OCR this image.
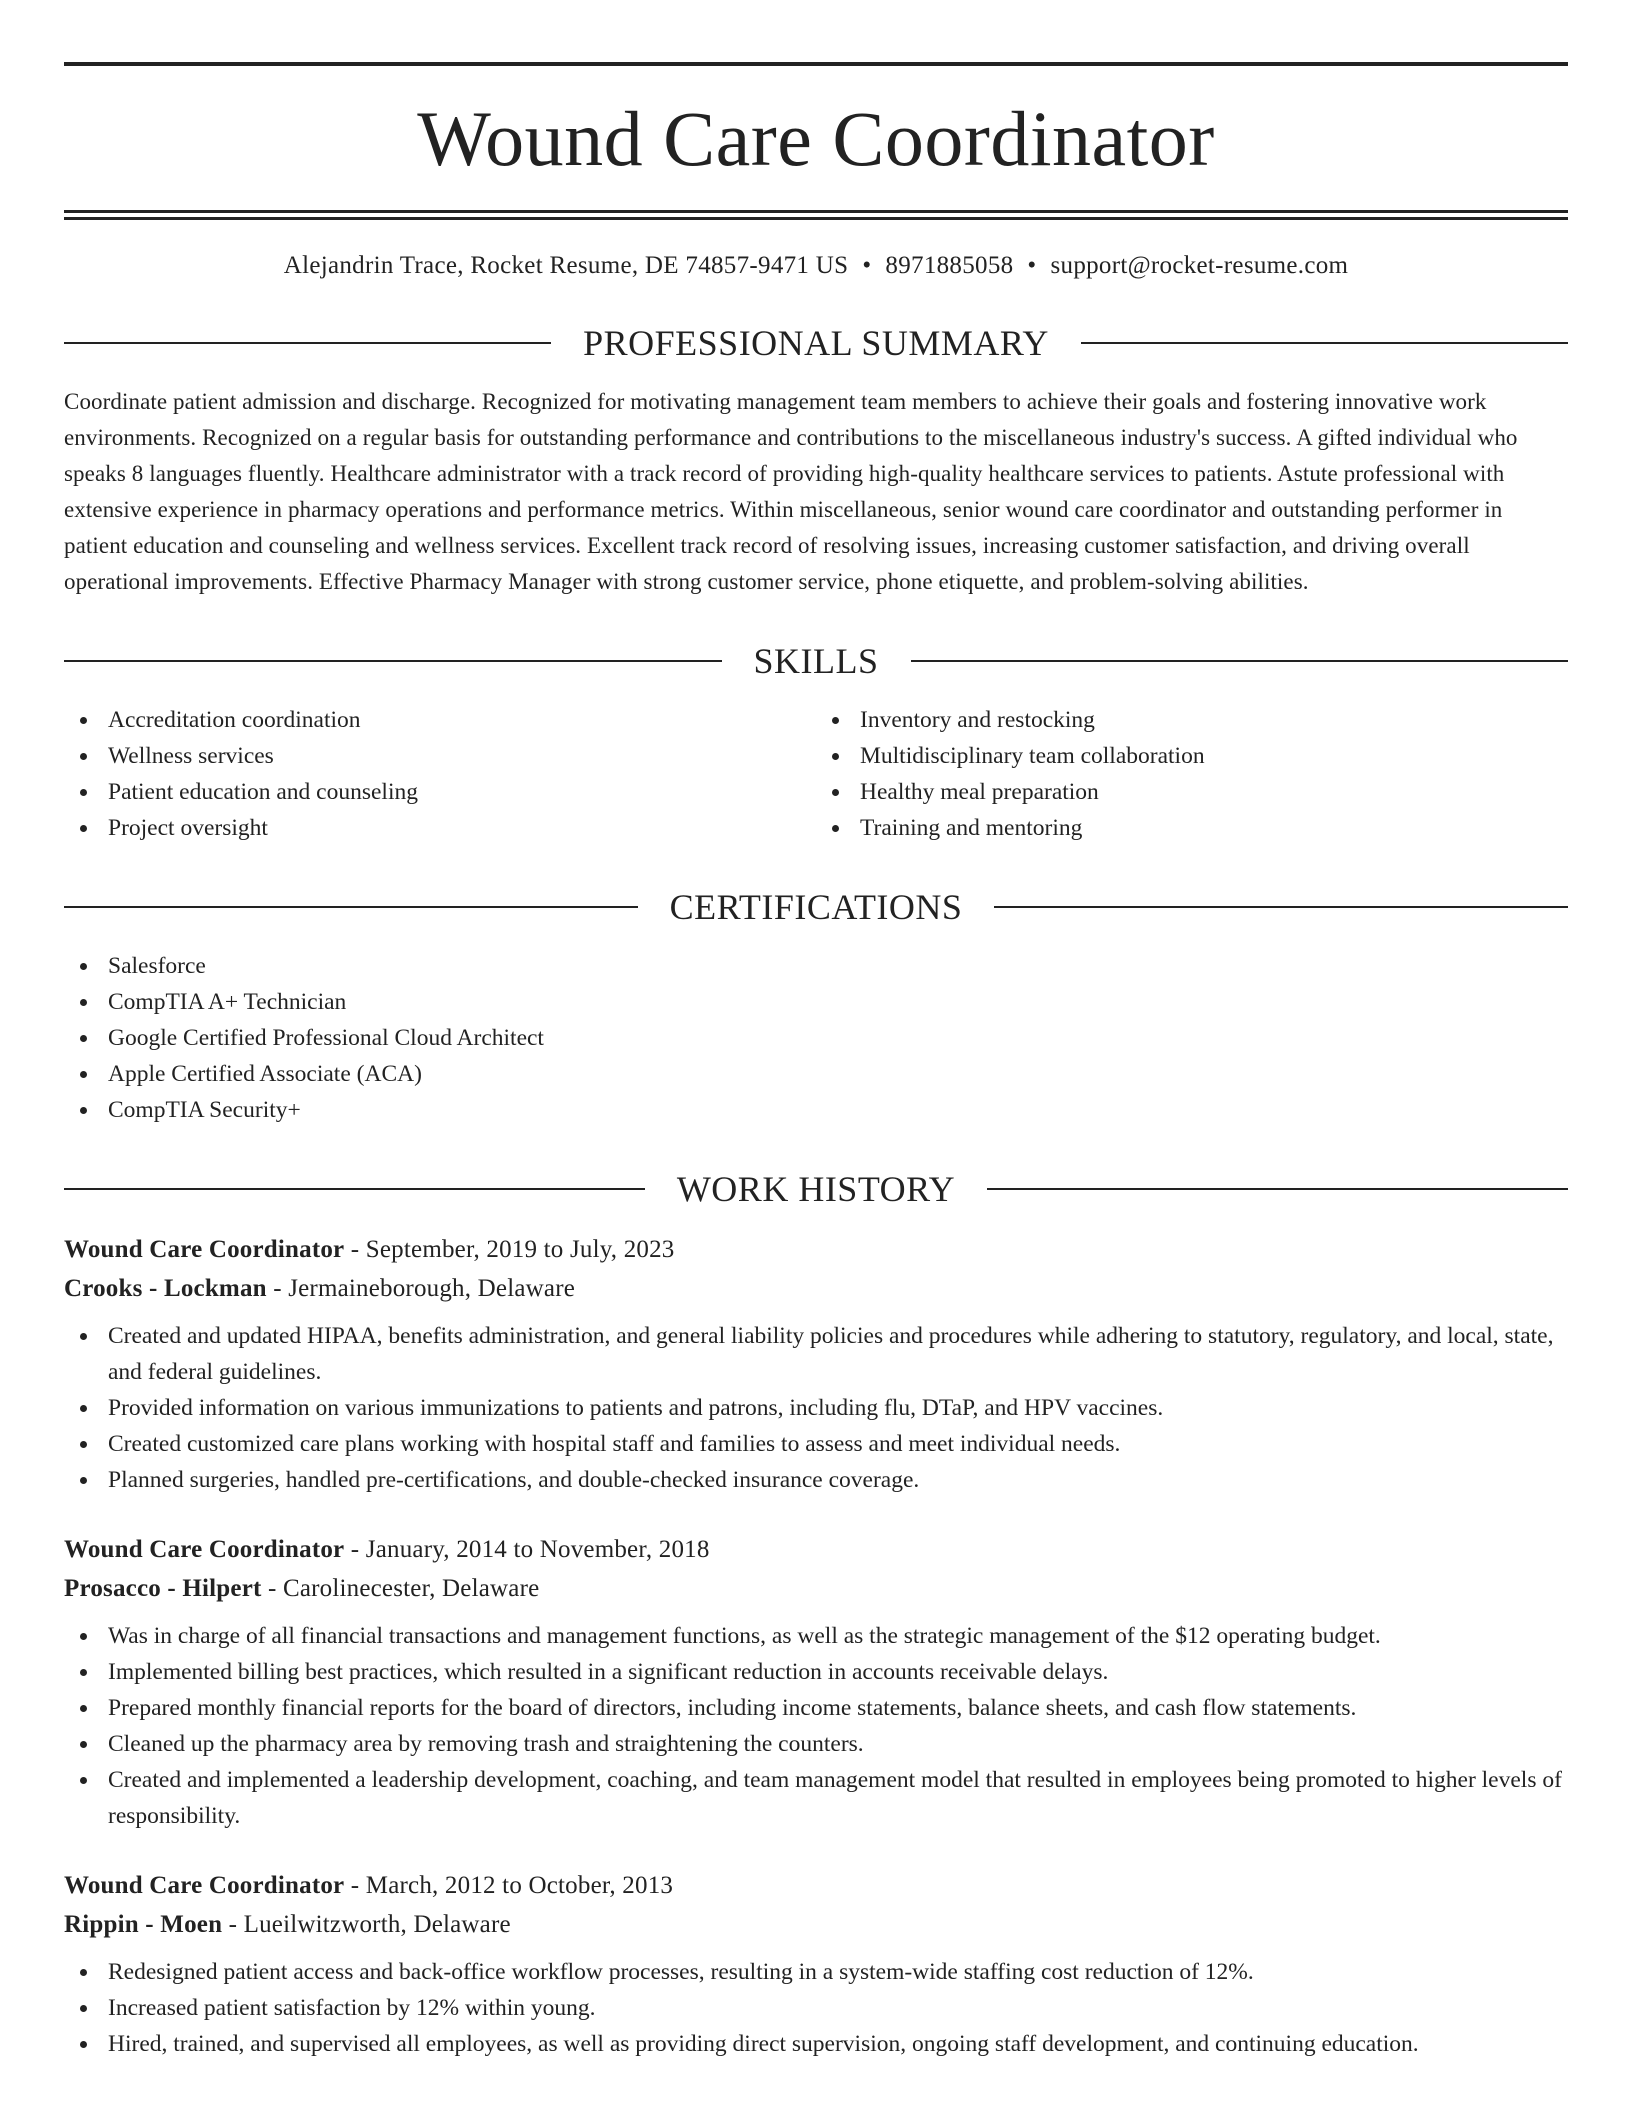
Wound Care Coordinator
Alejandrin Trace, Rocket Resume, DE 74857-9471 US • 8971885058 • support@rocket-resume.com
PROFESSIONAL SUMMARY

Coordinate patient admission and discharge. Recognized for motivating management team members to achieve their goals and fostering innovative work environments. Recognized on a regular basis for outstanding performance and contributions to the miscellaneous industry's success. A gifted individual who speaks 8 languages fluently. Healthcare administrator with a track record of providing high-quality healthcare services to patients. Astute professional with extensive experience in pharmacy operations and performance metrics. Within miscellaneous, senior wound care coordinator and outstanding performer in patient education and counseling and wellness services. Excellent track record of resolving issues, increasing customer satisfaction, and driving overall operational improvements. Effective Pharmacy Manager with strong customer service, phone etiquette, and problem-solving abilities.

SKILLS
Accreditation coordination
Wellness services
Patient education and counseling
Project oversight
Inventory and restocking
Multidisciplinary team collaboration
Healthy meal preparation
Training and mentoring
CERTIFICATIONS
Salesforce
CompTIA A+ Technician
Google Certified Professional Cloud Architect
Apple Certified Associate (ACA)
CompTIA Security+
WORK HISTORY
Wound Care Coordinator - September, 2019 to July, 2023
Crooks - Lockman - Jermaineborough, Delaware
Created and updated HIPAA, benefits administration, and general liability policies and procedures while adhering to statutory, regulatory, and local, state, and federal guidelines.
Provided information on various immunizations to patients and patrons, including flu, DTaP, and HPV vaccines.
Created customized care plans working with hospital staff and families to assess and meet individual needs.
Planned surgeries, handled pre-certifications, and double-checked insurance coverage.
Wound Care Coordinator - January, 2014 to November, 2018
Prosacco - Hilpert - Carolinecester, Delaware
Was in charge of all financial transactions and management functions, as well as the strategic management of the $12 operating budget.
Implemented billing best practices, which resulted in a significant reduction in accounts receivable delays.
Prepared monthly financial reports for the board of directors, including income statements, balance sheets, and cash flow statements.
Cleaned up the pharmacy area by removing trash and straightening the counters.
Created and implemented a leadership development, coaching, and team management model that resulted in employees being promoted to higher levels of responsibility.
Wound Care Coordinator - March, 2012 to October, 2013
Rippin - Moen - Lueilwitzworth, Delaware
Redesigned patient access and back-office workflow processes, resulting in a system-wide staffing cost reduction of 12%.
Increased patient satisfaction by 12% within young.
Hired, trained, and supervised all employees, as well as providing direct supervision, ongoing staff development, and continuing education.
